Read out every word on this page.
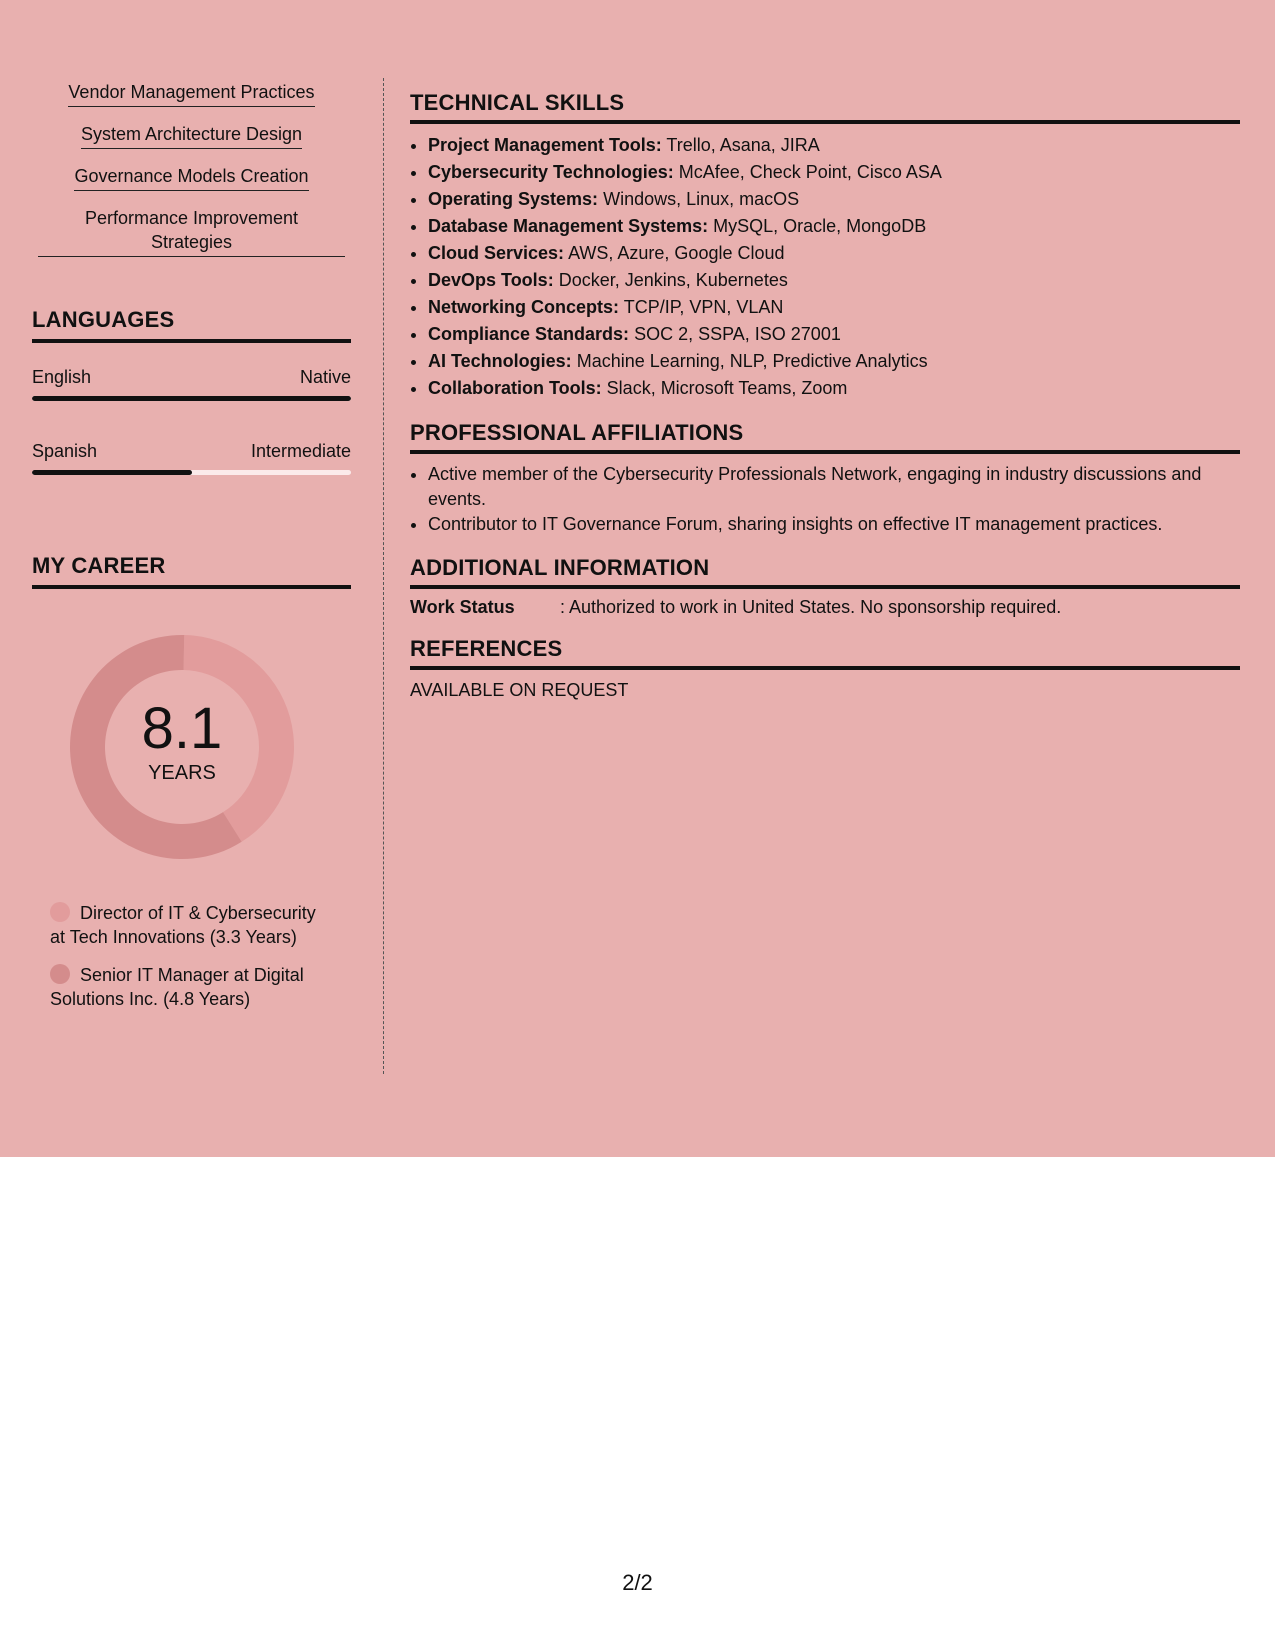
Vendor Management Practices
System Architecture Design
Governance Models Creation
Performance Improvement Strategies
LANGUAGES
English	Native
Spanish	Intermediate
MY CAREER
8.1
YEARS
Director of IT & Cybersecurity at Tech Innovations (3.3 Years)
Senior IT Manager at Digital Solutions Inc. (4.8 Years)
TECHNICAL SKILLS
• Project Management Tools: Trello, Asana, JIRA
• Cybersecurity Technologies: McAfee, Check Point, Cisco ASA
• Operating Systems: Windows, Linux, macOS
• Database Management Systems: MySQL, Oracle, MongoDB
• Cloud Services: AWS, Azure, Google Cloud
• DevOps Tools: Docker, Jenkins, Kubernetes
• Networking Concepts: TCP/IP, VPN, VLAN
• Compliance Standards: SOC 2, SSPA, ISO 27001
• AI Technologies: Machine Learning, NLP, Predictive Analytics
• Collaboration Tools: Slack, Microsoft Teams, Zoom
PROFESSIONAL AFFILIATIONS
• Active member of the Cybersecurity Professionals Network, engaging in industry discussions and events.
• Contributor to IT Governance Forum, sharing insights on effective IT management practices.
ADDITIONAL INFORMATION
Work Status	: Authorized to work in United States. No sponsorship required.
REFERENCES
AVAILABLE ON REQUEST
2/2
